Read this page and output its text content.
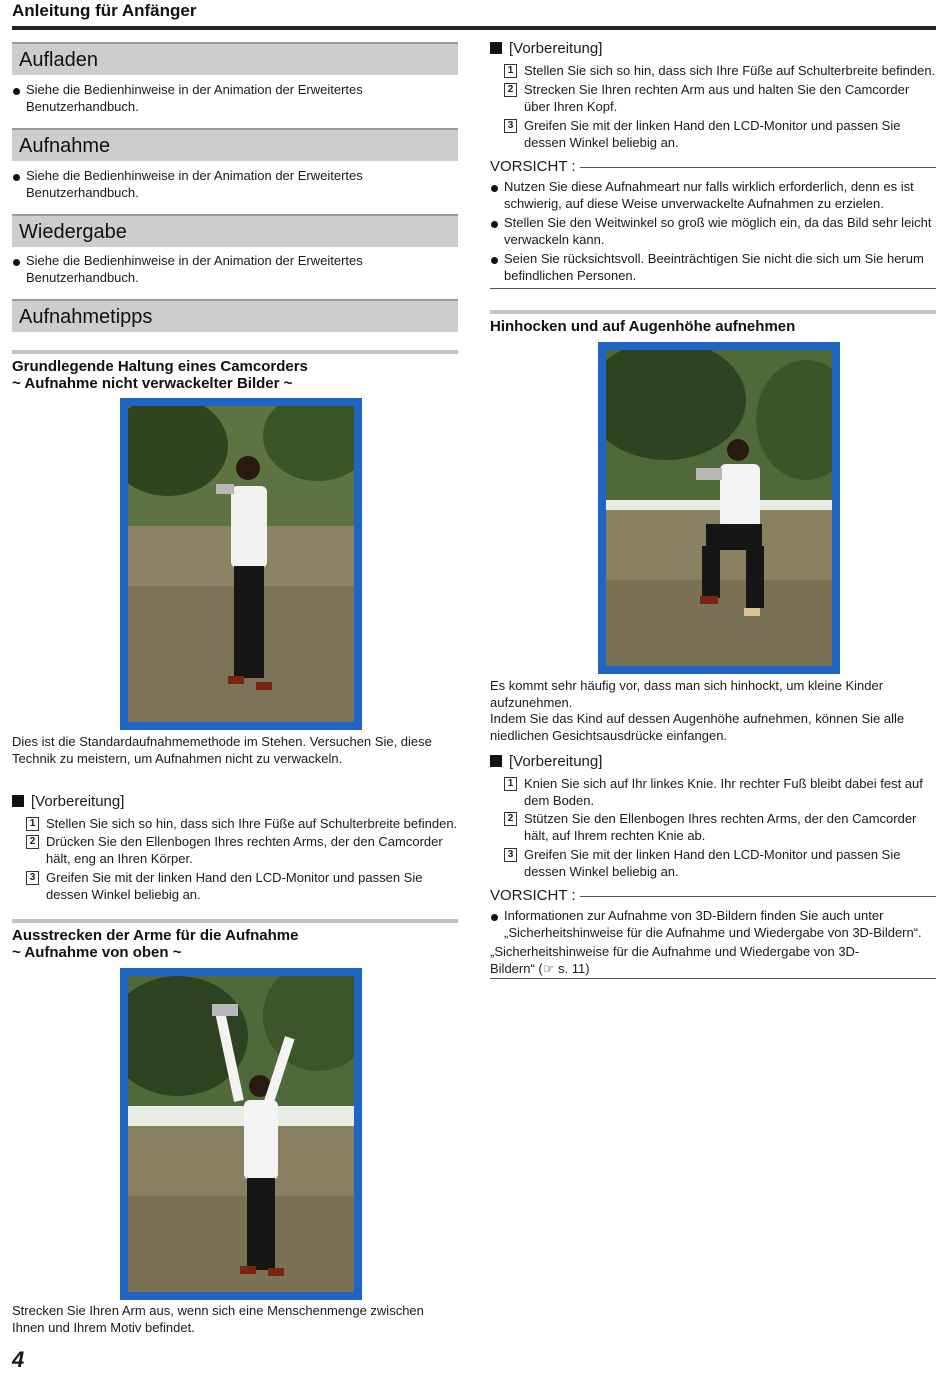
Anleitung für Anfänger
Aufladen
Siehe die Bedienhinweise in der Animation der Erweitertes Benutzerhandbuch.
Aufnahme
Siehe die Bedienhinweise in der Animation der Erweitertes Benutzerhandbuch.
Wiedergabe
Siehe die Bedienhinweise in der Animation der Erweitertes Benutzerhandbuch.
Aufnahmetipps
Grundlegende Haltung eines Camcorders
~ Aufnahme nicht verwackelter Bilder ~
Dies ist die Standardaufnahmemethode im Stehen. Versuchen Sie, diese Technik zu meistern, um Aufnahmen nicht zu verwackeln.
[Vorbereitung]
1 Stellen Sie sich so hin, dass sich Ihre Füße auf Schulterbreite befinden.
2 Drücken Sie den Ellenbogen Ihres rechten Arms, der den Camcorder hält, eng an Ihren Körper.
3 Greifen Sie mit der linken Hand den LCD-Monitor und passen Sie dessen Winkel beliebig an.
Ausstrecken der Arme für die Aufnahme
~ Aufnahme von oben ~
Strecken Sie Ihren Arm aus, wenn sich eine Menschenmenge zwischen Ihnen und Ihrem Motiv befindet.
[Vorbereitung]
1 Stellen Sie sich so hin, dass sich Ihre Füße auf Schulterbreite befinden.
2 Strecken Sie Ihren rechten Arm aus und halten Sie den Camcorder über Ihren Kopf.
3 Greifen Sie mit der linken Hand den LCD-Monitor und passen Sie dessen Winkel beliebig an.
VORSICHT :
Nutzen Sie diese Aufnahmeart nur falls wirklich erforderlich, denn es ist schwierig, auf diese Weise unverwackelte Aufnahmen zu erzielen.
Stellen Sie den Weitwinkel so groß wie möglich ein, da das Bild sehr leicht verwackeln kann.
Seien Sie rücksichtsvoll. Beeinträchtigen Sie nicht die sich um Sie herum befindlichen Personen.
Hinhocken und auf Augenhöhe aufnehmen
Es kommt sehr häufig vor, dass man sich hinhockt, um kleine Kinder aufzunehmen.
Indem Sie das Kind auf dessen Augenhöhe aufnehmen, können Sie alle niedlichen Gesichtsausdrücke einfangen.
[Vorbereitung]
1 Knien Sie sich auf Ihr linkes Knie. Ihr rechter Fuß bleibt dabei fest auf dem Boden.
2 Stützen Sie den Ellenbogen Ihres rechten Arms, der den Camcorder hält, auf Ihrem rechten Knie ab.
3 Greifen Sie mit der linken Hand den LCD-Monitor und passen Sie dessen Winkel beliebig an.
VORSICHT :
Informationen zur Aufnahme von 3D-Bildern finden Sie auch unter „Sicherheitshinweise für die Aufnahme und Wiedergabe von 3D-Bildern“.
„Sicherheitshinweise für die Aufnahme und Wiedergabe von 3D-Bildern“ (☞ s. 11)
4
